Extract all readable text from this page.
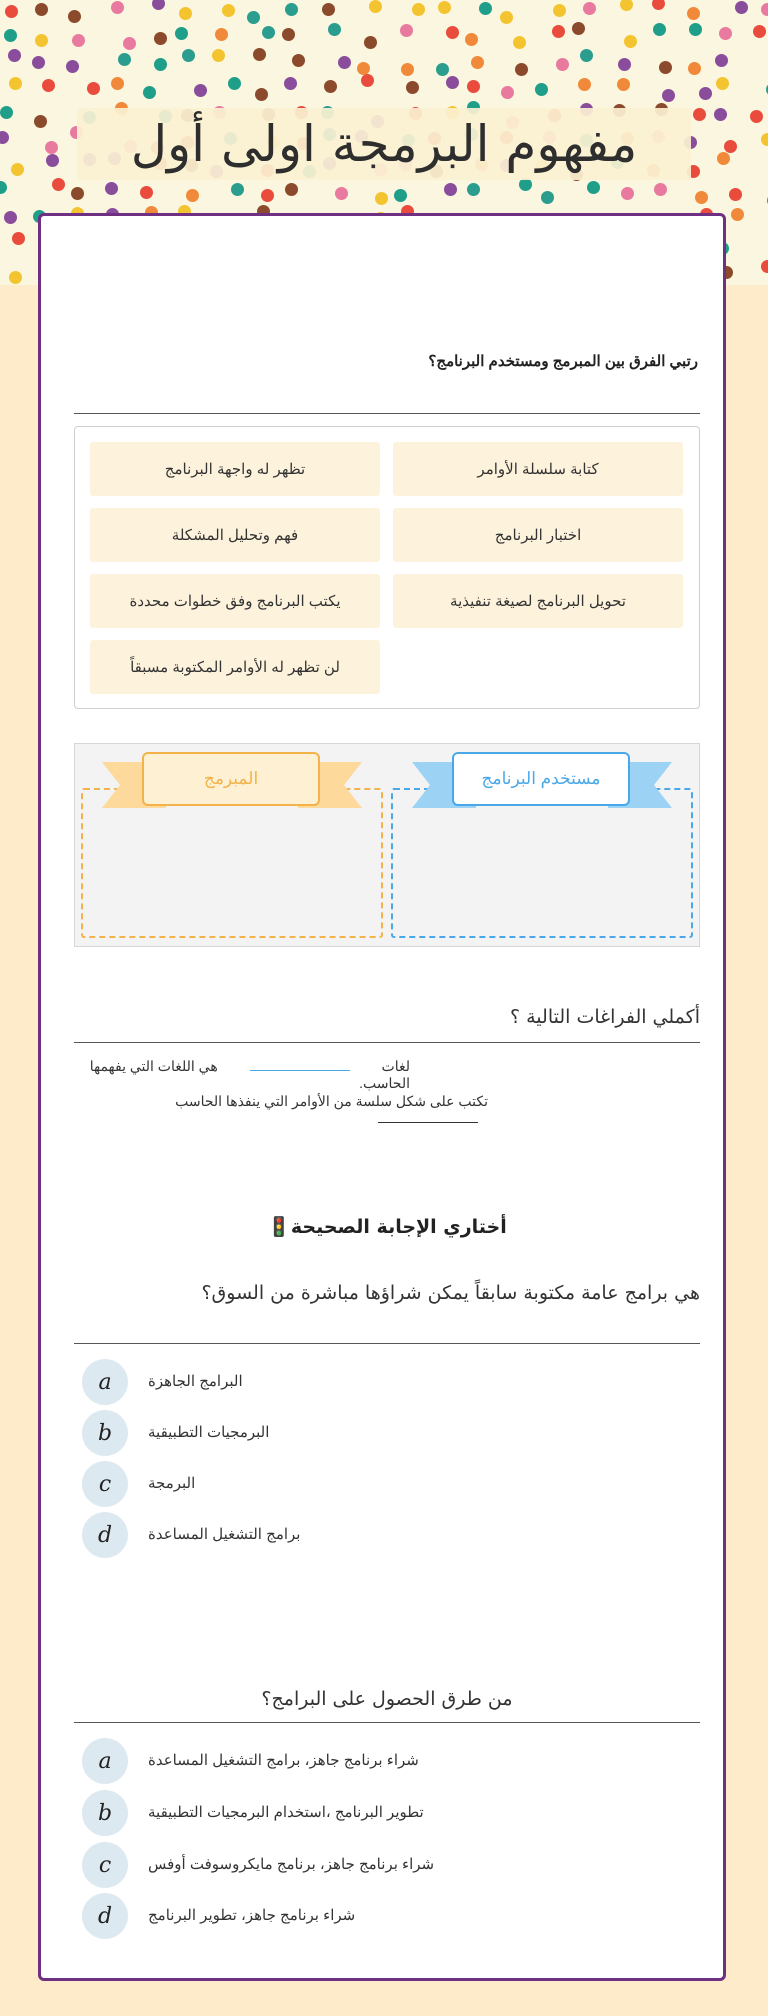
مفهوم البرمجة اولى أول
رتبي الفرق بين المبرمج ومستخدم البرنامج؟
كتابة سلسلة الأوامر
تظهر له واجهة البرنامج
اختبار البرنامج
فهم وتحليل المشكلة
تحويل البرنامج لصيغة تنفيذية
يكتب البرنامج وفق خطوات محددة
لن تظهر له الأوامر المكتوبة مسبقاً
مستخدم البرنامج
المبرمج
أكملي الفراغات التالية ؟
لغات  هي اللغات التي يفهمها الحاسب.
تكتب على شكل سلسة من الأوامر التي ينفذها الحاسب
أختاري الإجابة الصحيحة🚦
هي برامج عامة مكتوبة سابقاً يمكن شراؤها مباشرة من السوق؟
a	البرامج الجاهزة
b	البرمجيات التطبيقية
c	البرمجة
d	برامج التشغيل المساعدة
من طرق الحصول على البرامج؟
a	شراء برنامج جاهز، برامج التشغيل المساعدة
b	تطوير البرنامج ،استخدام البرمجيات التطبيقية
c	شراء برنامج جاهز، برنامج مايكروسوفت أوفس
d	شراء برنامج جاهز، تطوير البرنامج
